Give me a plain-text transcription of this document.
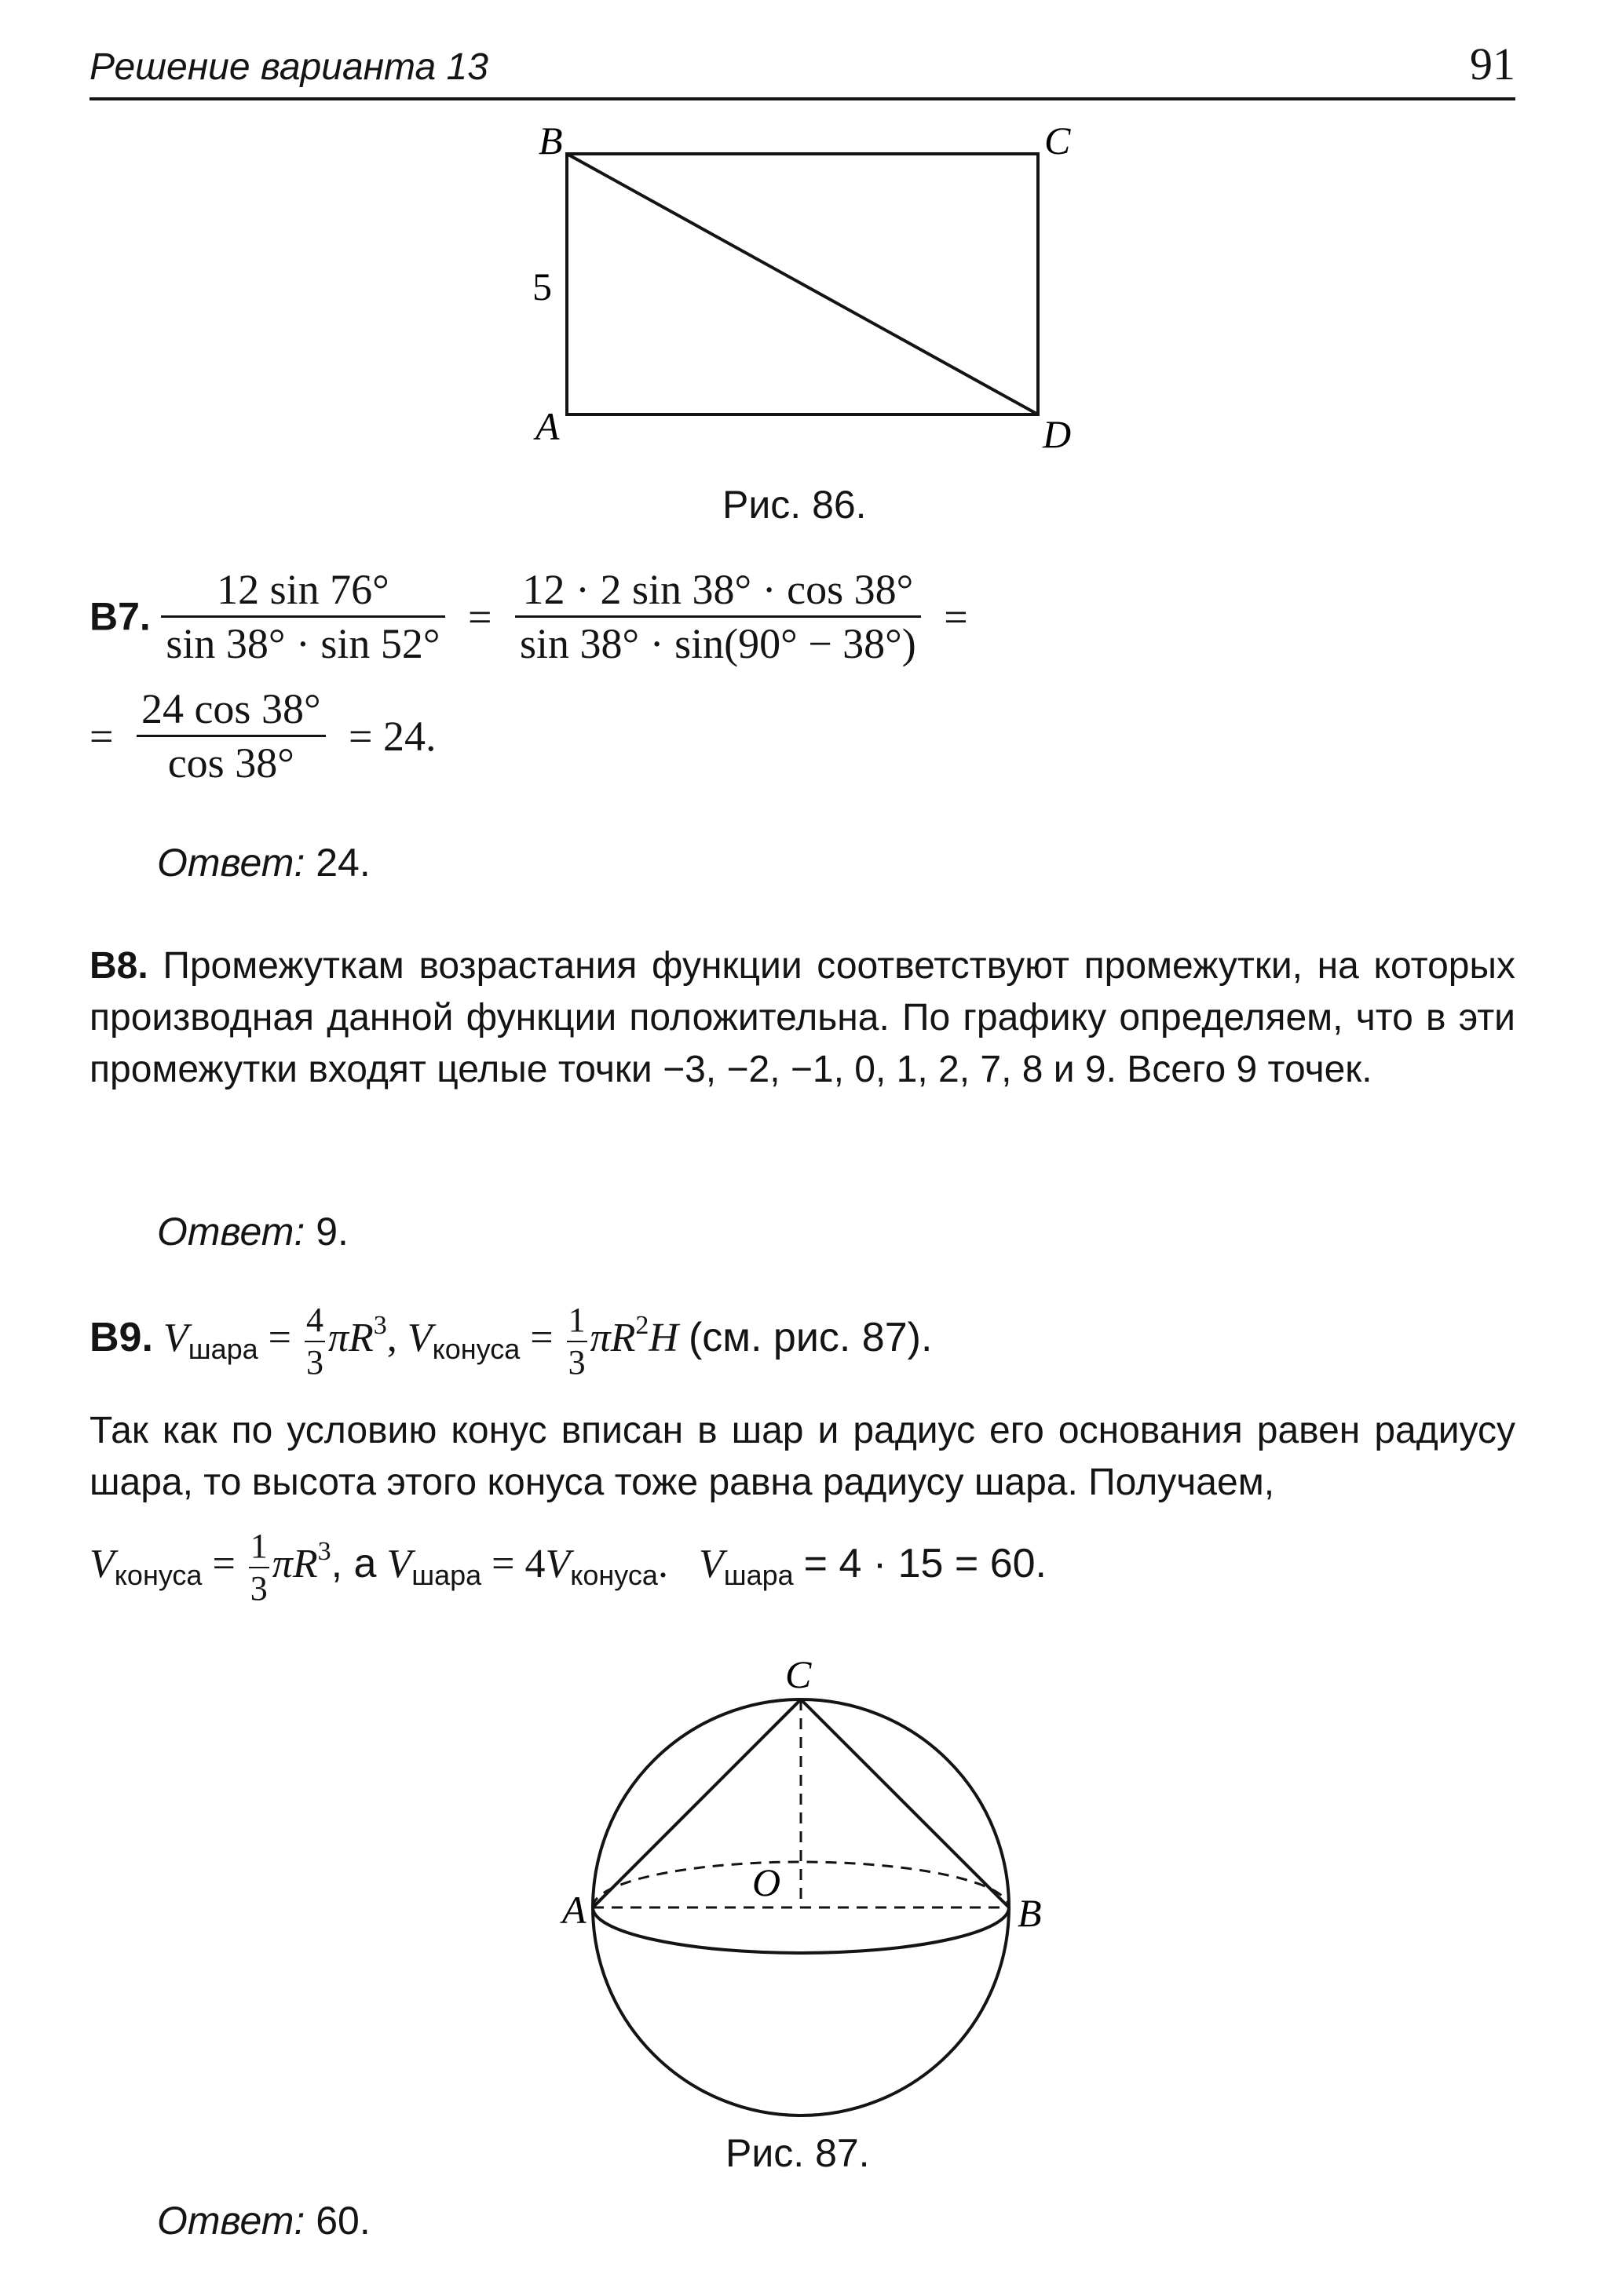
Решение варианта 13	91
B	C
A	D
5
Рис. 86.
B7. $\frac{12 \sin 76^\circ}{\sin 38^\circ \cdot \sin 52^\circ} = \frac{12 \cdot 2 \sin 38^\circ \cdot \cos 38^\circ}{\sin 38^\circ \cdot \sin(90^\circ - 38^\circ)}$ =
= $\frac{24 \cos 38^\circ}{\cos 38^\circ} = 24$.
Ответ: 24.
B8. Промежуткам возрастания функции соответствуют промежутки, на которых производная данной функции положительна. По графику определяем, что в эти промежутки входят целые точки −3, −2, −1, 0, 1, 2, 7, 8 и 9. Всего 9 точек.
Ответ: 9.
B9. $V_{шара} = \frac{4}{3} \pi R^3$, $V_{конуса} = \frac{1}{3} \pi R^2H$ (см. рис. 87).
Так как по условию конус вписан в шар и радиус его основания равен радиусу шара, то высота этого конуса тоже равна радиусу шара. Получаем,
$V_{конуса} = \frac{1}{3} \pi R^3$, а $V_{шара} = 4V_{конуса}$. $V_{шара} = 4 \cdot 15 = 60$.
C
A	B
O
Рис. 87.
Ответ: 60.
